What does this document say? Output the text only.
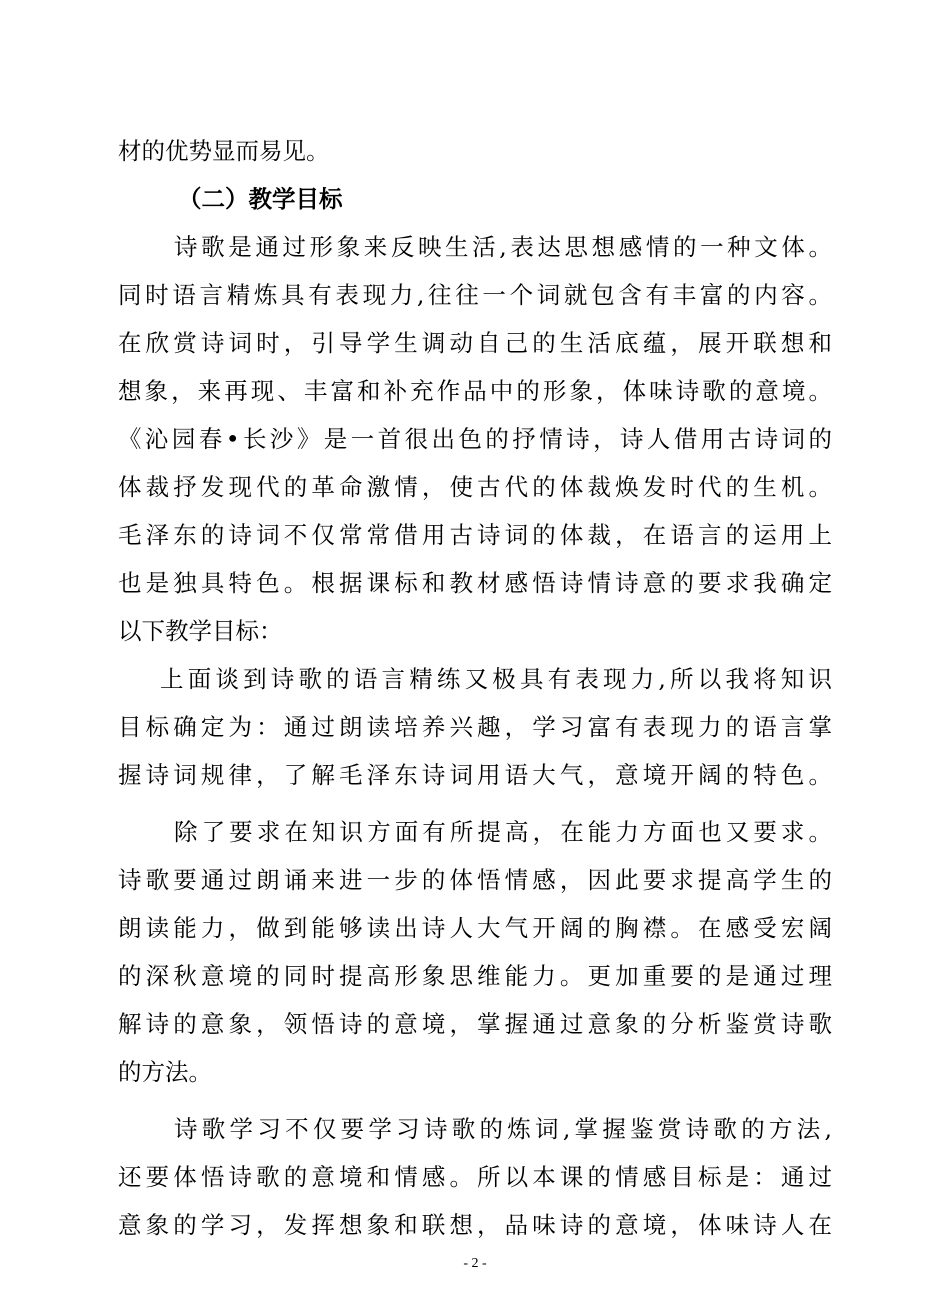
材的优势显而易见。
（二）教学目标
诗歌是通过形象来反映生活,表达思想感情的一种文体。
同时语言精炼具有表现力,往往一个词就包含有丰富的内容。
在欣赏诗词时，引导学生调动自己的生活底蕴，展开联想和
想象，来再现、丰富和补充作品中的形象，体味诗歌的意境。
《沁园春•长沙》是一首很出色的抒情诗，诗人借用古诗词的
体裁抒发现代的革命激情，使古代的体裁焕发时代的生机。
毛泽东的诗词不仅常常借用古诗词的体裁，在语言的运用上
也是独具特色。根据课标和教材感悟诗情诗意的要求我确定
以下教学目标：
上面谈到诗歌的语言精练又极具有表现力,所以我将知识
目标确定为：通过朗读培养兴趣，学习富有表现力的语言掌
握诗词规律，了解毛泽东诗词用语大气，意境开阔的特色。
除了要求在知识方面有所提高，在能力方面也又要求。
诗歌要通过朗诵来进一步的体悟情感，因此要求提高学生的
朗读能力，做到能够读出诗人大气开阔的胸襟。在感受宏阔
的深秋意境的同时提高形象思维能力。更加重要的是通过理
解诗的意象，领悟诗的意境，掌握通过意象的分析鉴赏诗歌
的方法。
诗歌学习不仅要学习诗歌的炼词,掌握鉴赏诗歌的方法,
还要体悟诗歌的意境和情感。所以本课的情感目标是：通过
意象的学习，发挥想象和联想，品味诗的意境，体味诗人在
- 2 -
